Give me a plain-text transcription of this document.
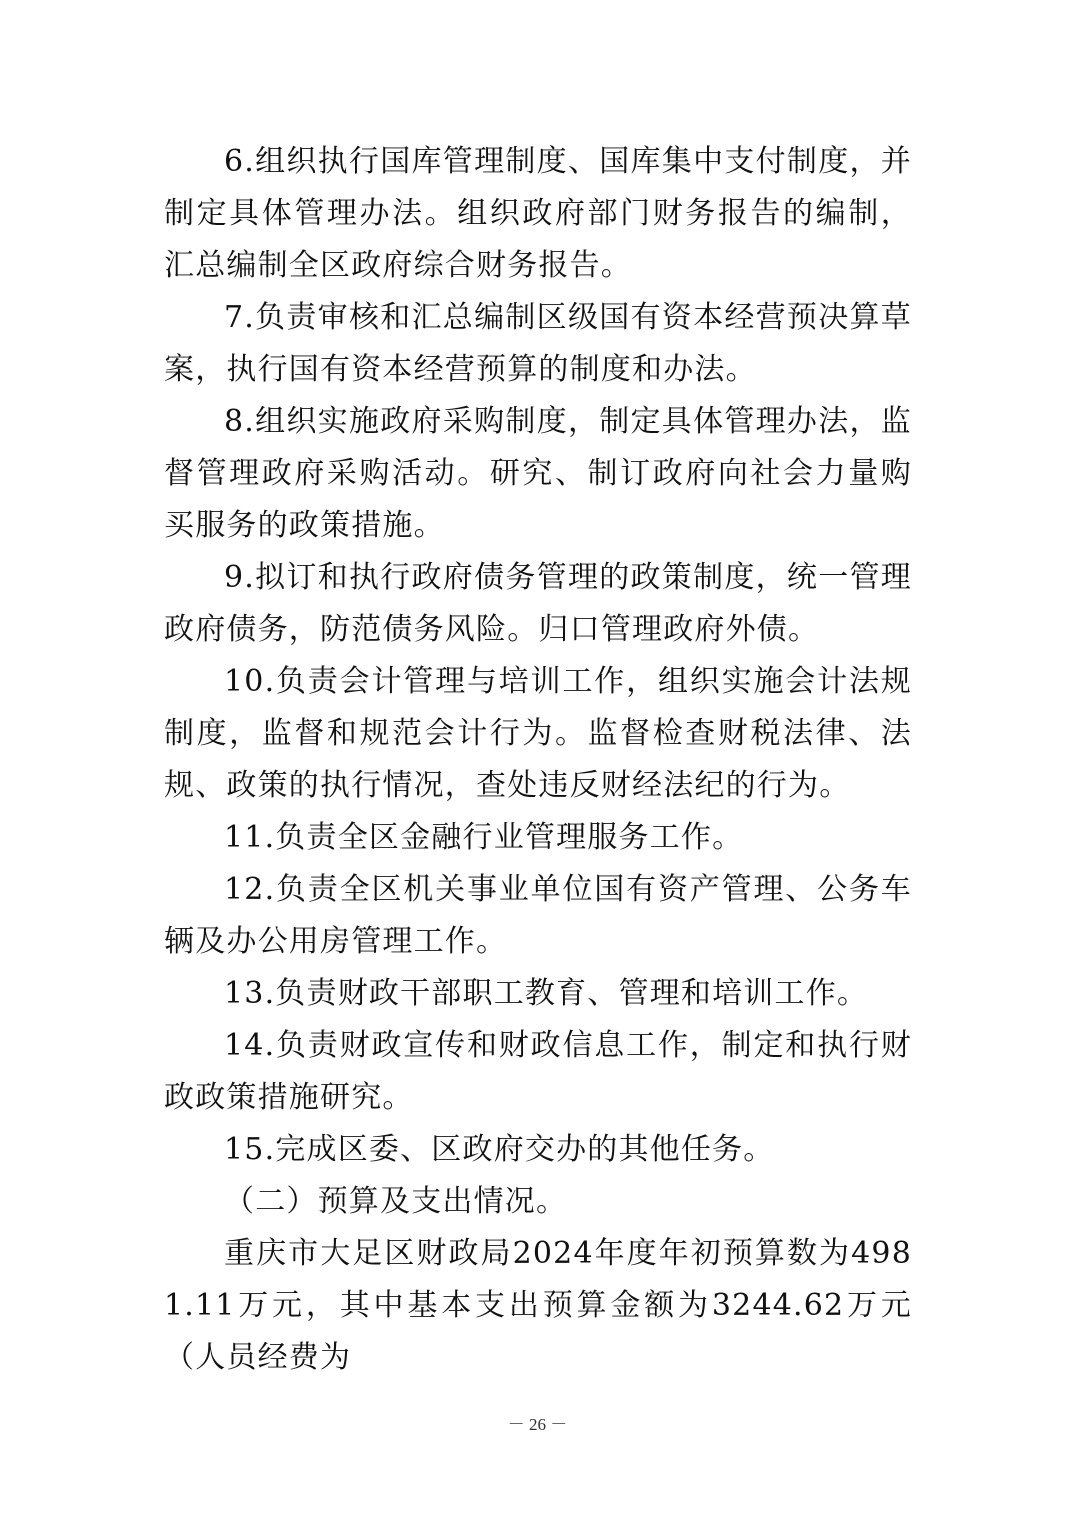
6.组织执行国库管理制度、国库集中支付制度，并制定具体管理办法。组织政府部门财务报告的编制，汇总编制全区政府综合财务报告。

7.负责审核和汇总编制区级国有资本经营预决算草案，执行国有资本经营预算的制度和办法。

8.组织实施政府采购制度，制定具体管理办法，监督管理政府采购活动。研究、制订政府向社会力量购买服务的政策措施。

9.拟订和执行政府债务管理的政策制度，统一管理政府债务，防范债务风险。归口管理政府外债。

10.负责会计管理与培训工作，组织实施会计法规制度，监督和规范会计行为。监督检查财税法律、法规、政策的执行情况，查处违反财经法纪的行为。

11.负责全区金融行业管理服务工作。

12.负责全区机关事业单位国有资产管理、公务车辆及办公用房管理工作。

13.负责财政干部职工教育、管理和培训工作。

14.负责财政宣传和财政信息工作，制定和执行财政政策措施研究。

15.完成区委、区政府交办的其他任务。

（二）预算及支出情况。

重庆市大足区财政局2024年度年初预算数为4981.11万元，其中基本支出预算金额为3244.62万元（人员经费为

－ 26 －
